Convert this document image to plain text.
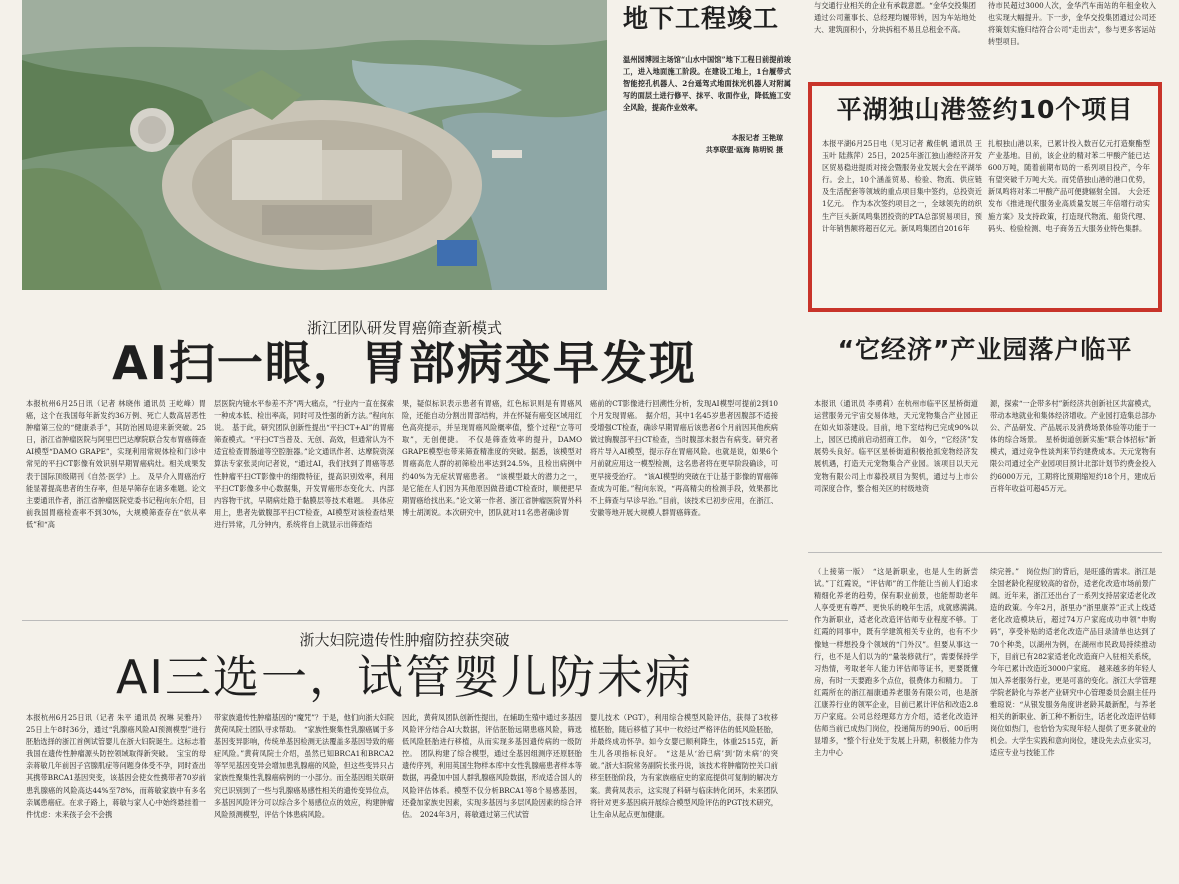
地下工程竣工
温州园博园主场馆“山水中国馆”地下工程日前提前竣工，进入地面施工阶段。在建设工地上，1台履带式智能挖孔机器人、2台遥驾式地面抹光机器人对附属写的面层土进行修平、抹平、收面作业，降低施工安全风险，提高作业效率。
本报记者 王艳琼
共享联盟·瓯海 陈明锐 摄
与交通行业相关的企业有承载意愿。“金华交投集团通过公司董事长、总经理均履带转，因为车站地处大、建筑面积小，分块拆租不易且总租金不高。
待市民超过3000人次，金华汽车南站的年租金收入也实现大幅提升。下一步，金华交投集团通过公司还将策划实施归结符合公司“走出去”，参与更多客运站转型项目。
平湖独山港签约10个项目
本报平湖6月25日电（见习记者 戴佳帆 通讯员 王玉叶 陆燕萍）25日，2025年浙江独山港经济开发区贸易稳进提质对接会暨服务业发展大会在平湖举行。会上，10个涵盖贸易、检验、物流、供应链及生活配套等领域的重点项目集中签约，总投资近1亿元。　作为本次签约项目之一，全球领先的纺织生产巨头新凤鸣集团投资的PTA总部贸易项目，预计年销售额将超百亿元。新凤鸣集团自2016年
扎根独山港以来，已累计投入数百亿元打造聚酯型产业基地。目前，该企业的精对苯二甲酸产能已达600万吨，随着前期布局的一系列项目投产，今年有望突破千万吨大关。而凭借独山港的港口优势，新凤鸣将对苯二甲酸产品可便捷辐射全国。　大会还发布《推进现代服务业高质量发展三年倍增行动实施方案》及支持政策，打造现代物流、船货代理、码头、检验检测、电子商务五大服务业特色集群。
“它经济”产业园落户临平
本报讯（通讯员 李勇莉）在杭州市临平区星桥街道运营服务元宇宙交易体地，天元宠物集合产业园正在如火如荼建设。目前，地下室结构已完成90%以上，园区已揽前启动招商工作。　如今，“它经济”发展势头良好。临平区星桥街道积极抢抓宠物经济发展机遇，打造天元宠物集合产业园。该项目以天元宠物有限公司上市募投项目为契机，通过与上市公司深度合作，整合相关区的村级地资
源，探索“一企带多村”新经济共创新社区共富模式，带动本地就业和集体经济增收。产业园打造集总部办公、产品研发、产品展示及消费场景体验等功能于一体的综合场景。　星桥街道创新实施“联合体招标”新模式，通过竞争性谈判来节约建费成本。天元宠物有限公司通过全产业园项目预计北部计划节约费金投入约6000万元，工期将比预期缩短约18个月，建成后百将年收益可超45万元。
浙江团队研发胃癌筛查新模式
AI扫一眼，胃部病变早发现
本报杭州6月25日讯（记者 林晓伟 通讯员 王屹峰）胃癌，这个在我国每年新发约36万例、死亡人数高居恶性肿瘤第三位的“健康杀手”，其防治困局迎来新突破。25日，浙江省肿瘤医院与阿里巴巴达摩院联合发布胃癌筛查AI模型“DAMO GRAPE”，实现利用常规体检和门诊中常见的平扫CT影像有效识别早期胃癌病灶。相关成果发表于国际顶级期刊《自然·医学》上。　及早介入胃癌治疗能显著提高患者的生存率，但是早筛存在诸多难题。论文主要通讯作者，浙江省肿瘤医院党委书记程向东介绍，目前我国胃癌检查率不到30%，大规模筛查存在“依从率低”和“高
层医院内镜水平参差不齐”两大痛点，“行业内一直在探索一种成本低、检出率高，同时可及性强的新方法。”程向东说。　基于此，研究团队创新性提出“平扫CT+AI”的胃癌筛查模式。“平扫CT当普及、无创、高效，但通常认为不适宜检查胃肠道等空腔脏器。”论文通讯作者、达摩院资深算法专家张灵向记者说，“通过AI，我们找到了胃癌等恶性肿瘤平扫CT影像中的细微特征，提高识别效率，利用平扫CT影像多中心数据集，开发胃癌形态变化大、内部内容物干扰，早期病灶隐于黏膜层等技术难题。　具体应用上，患者先做腹部平扫CT检查，AI模型对该检查结果进行异常，几分钟内，系统将自上就显示出筛查结
果，疑似标识表示患者有胃癌，红色标识则是有胃癌风险，还能自动分割出胃部结构，并在怀疑有癌变区域用红色高亮提示，并呈现胃癌风险概率值，整个过程“立等可取”，无创便捷。　不仅是筛查效率的提升，DAMO GRAPE模型也带来筛查精准度的突破。据悉，该模型对胃癌高危人群的初筛检出率达到24.5%，且检出病例中约40%为无症状胃癌患者。　“该模型最大的潜力之一，是它能在人们因为其他原因做普通CT检查时，顺便把早期胃癌给找出来。”论文第一作者、浙江省肿瘤医院胃外科博士胡浏说。本次研究中，团队就对11名患者确诊胃
癌前的CT影像进行回溯性分析，发现AI模型可提前2到10个月发现胃癌。　据介绍，其中1名45岁患者因腹部不适接受增强CT检查，确诊早期胃癌后该患者6个月前因其他疾病做过胸腹部平扫CT检查，当时腹部未报告有病变。研究者将片导入AI模型，提示存在胃癌风险。也就是说，如果6个月前就应用这一模型检测，这名患者将在更早阶段确诊，可更早接受治疗。　“该AI模型的突破在于让基于影像的胃癌筛查成为可能。”程向东说，“再高精尖的检测手段，效果都比不上筛查与早诊早治。”目前，该技术已初步应用，在浙江、安徽等地开展大规模人群胃癌筛查。
浙大妇院遗传性肿瘤防控获突破
AI三选一，试管婴儿防未病
本报杭州6月25日讯（记者 朱平 通讯员 祝琳 吴雅丹）25日上午8时36分，通过“乳腺癌风险AI预测模型”进行胚胎选择的浙江首例试管婴儿在浙大妇院诞生。这标志着我国在遗传性肿瘤源头防控领域取得新突破。　宝宝的母亲蒋敏几年前因子宫腺肌症等问题身体受不孕，同时查出其携带BRCA1基因突变，该基因会使女性携带者70岁前患乳腺癌的风险高达44%至78%，而蒋敏家族中有多名亲属患癌症。在求子路上，蒋敏与家人心中始终悬挂着一件忧虑：未来孩子会不会携
带家族遗传性肿瘤基因的“魔咒”？于是，他们向浙大妇院黄荷凤院士团队寻求帮助。　“家族性聚集性乳腺癌属于多基因变异影响，传统单基因检测无法覆盖多基因导致的癌症风险。”黄荷凤院士介绍，虽然已知BRCA1和BRCA2等罕见基因变异会增加患乳腺癌的风险，但这些变异只占家族性聚集性乳腺癌病例的一小部分。而全基因组关联研究已识别到了一些与乳腺癌易感性相关的遗传变异位点，多基因风险评分可以综合多个易感位点的效应，构建肿瘤风险预测模型，评估个体患病风险。
因此，黄荷凤团队创新性提出，在辅助生殖中通过多基因风险评分结合AI大数据，评估胚胎远期患癌风险，筛选低风险胚胎进行移植，从而实现多基因遗传病的一级防控。　团队构建了综合模型，通过全基因组测序还原胚胎遗传序列，利用英国生物样本库中女性乳腺癌患者样本等数据，再叠加中国人群乳腺癌风险数据，形成适合国人的风险评估体系。模型不仅分析BRCA1等8个易感基因，还叠加家族史因素，实现多基因与多层风险因素的综合评估。　2024年3月，蒋敏通过第三代试管
婴儿技术（PGT），利用综合模型风险评估，获得了3枚移植胚胎，随后移植了其中一枚经过严格评估的低风险胚胎，并最终成功怀孕。如今女婴已顺利降生，体重2515克，新生儿各项指标良好。　“这是从‘治已病’到‘防未病’的突破。”浙大妇院常务副院长张丹说，该技术将肿瘤防控关口前移至胚胎阶段，为有家族癌症史的家庭提供可复制的解决方案。黄荷凤表示，这实现了科研与临床转化闭环，未来团队将针对更多基因病开展综合模型风险评估的PGT技术研究，让生命从起点更加健康。
（上接第一版）　“这是新职业，也是人生的新尝试。”丁红霞说，“评估师”的工作能让当前人们追求精细化养老的趋势，保有职业前景，也能帮助老年人享受更有尊严、更快乐的晚年生活，成就感满满。　作为新职业，适老化改造评估师专业程度不够。丁红霞的同事中，既有学建筑相关专业的，也有不少像她一样想投身个领域的“门外汉”。但要从事这一行，也不是人们以为的“量装修就行”，需要保持学习热情，考取老年人能力评估师等证书，更要既懂房，有时一天要跑多个点位，很费体力和精力。　丁红霞所在的浙江福康通养老服务有限公司，也是浙江康养行业的领军企业，目前已累计评估和改造2.8万户家庭。公司总经理郑方方介绍，适老化改造评估师当前已成热门岗位，投递简历的90后、00后明显增多，“整个行业处于发展上升期，积极能力作为主力中心
续完善。”　岗位热门的背后，是旺盛的需求。浙江是全国老龄化程度较高的省份，适老化改造市场前景广阔。近年来，浙江还出台了一系列支持居家适老化改造的政策。今年2月，浙里办“浙里康养”正式上线适老化改造模块后，超过74万户家庭成功申领“申购码”，享受补贴的适老化改造产品目录清单也达到了70个种类，以湖州为例，在湖州市民政局持续推动下，目前已有282家适老化改造商户入驻相关系统，今年已累计改造近3000户家庭。　越来越多的年轻人加入养老服务行业，更是可喜的变化。浙江大学管理学院老龄化与养老产业研究中心管理委员会副主任丹雅琼说：“从银发服务角度讲老龄其最新配，与养老相关的新职业、新工种不断衍生，话老化改造评估师岗位如热门，也恰恰为实现年轻人提供了更多就业的机会。大学生实践和意向岗位，建设先去点业实习，适应专业与技能工作
